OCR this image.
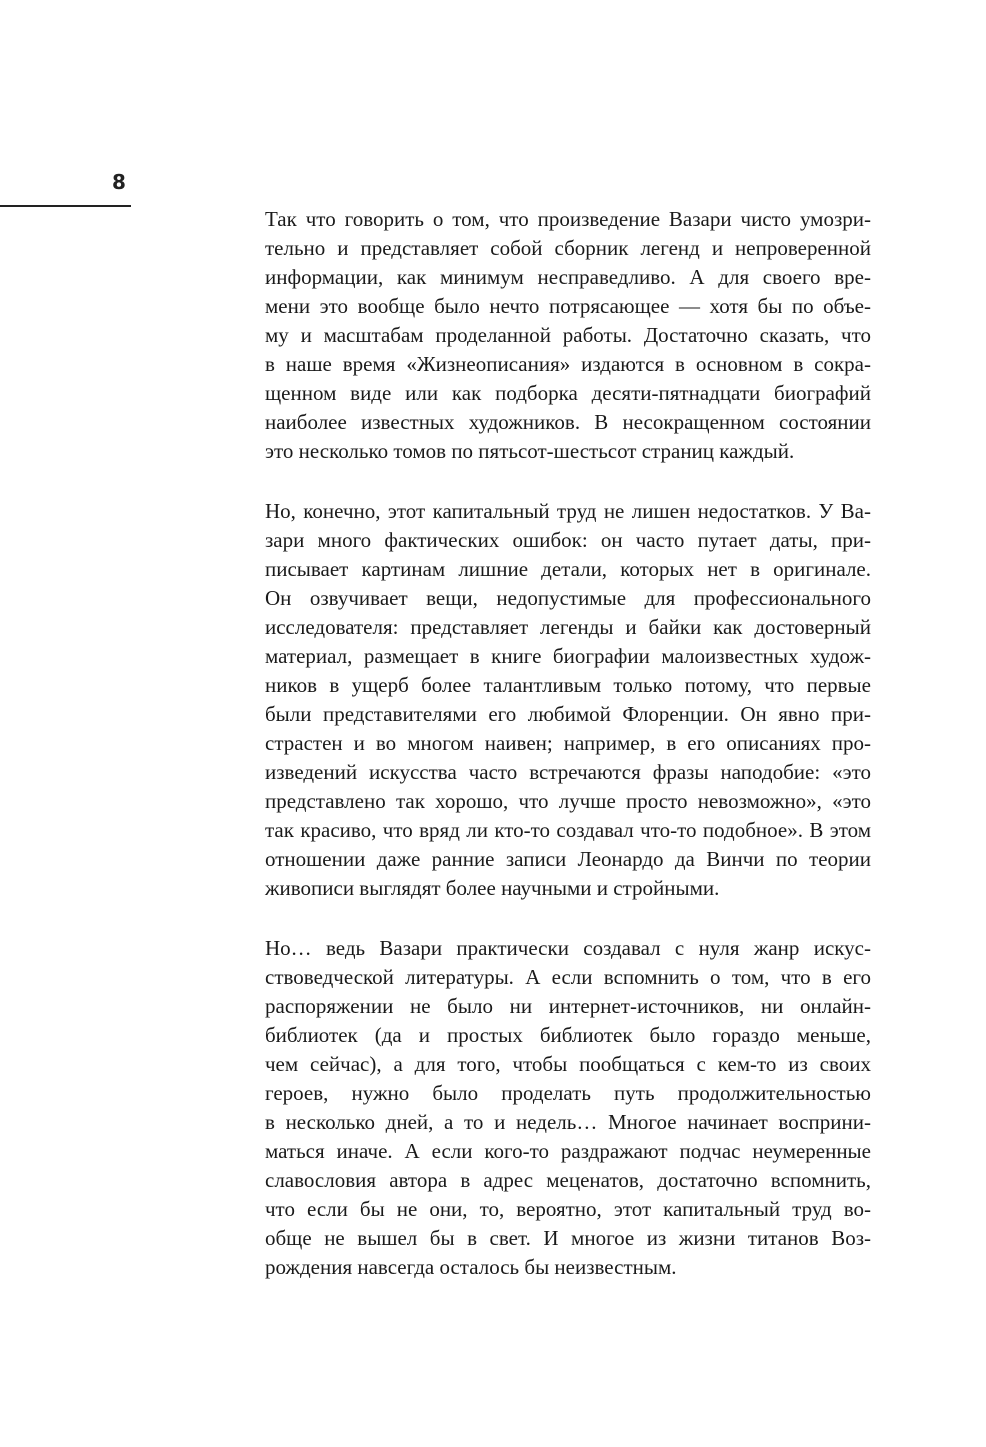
8
Так что говорить о том, что произведение Вазари чисто умозри-
тельно и представляет собой сборник легенд и непроверенной
информации, как минимум несправедливо. А для своего вре-
мени это вообще было нечто потрясающее — хотя бы по объе-
му и масштабам проделанной работы. Достаточно сказать, что
в наше время «Жизнеописания» издаются в основном в сокра-
щенном виде или как подборка десяти-пятнадцати биографий
наиболее известных художников. В несокращенном состоянии
это несколько томов по пятьсот-шестьсот страниц каждый.
Но, конечно, этот капитальный труд не лишен недостатков. У Ва-
зари много фактических ошибок: он часто путает даты, при-
писывает картинам лишние детали, которых нет в оригинале.
Он озвучивает вещи, недопустимые для профессионального
исследователя: представляет легенды и байки как достоверный
материал, размещает в книге биографии малоизвестных худож-
ников в ущерб более талантливым только потому, что первые
были представителями его любимой Флоренции. Он явно при-
страстен и во многом наивен; например, в его описаниях про-
изведений искусства часто встречаются фразы наподобие: «это
представлено так хорошо, что лучше просто невозможно», «это
так красиво, что вряд ли кто-то создавал что-то подобное». В этом
отношении даже ранние записи Леонардо да Винчи по теории
живописи выглядят более научными и стройными.
Но… ведь Вазари практически создавал с нуля жанр искус-
ствоведческой литературы. А если вспомнить о том, что в его
распоряжении не было ни интернет-источников, ни онлайн-
библиотек (да и простых библиотек было гораздо меньше,
чем сейчас), а для того, чтобы пообщаться с кем-то из своих
героев, нужно было проделать путь продолжительностью
в несколько дней, а то и недель… Многое начинает восприни-
маться иначе. А если кого-то раздражают подчас неумеренные
славословия автора в адрес меценатов, достаточно вспомнить,
что если бы не они, то, вероятно, этот капитальный труд во-
обще не вышел бы в свет. И многое из жизни титанов Воз-
рождения навсегда осталось бы неизвестным.
